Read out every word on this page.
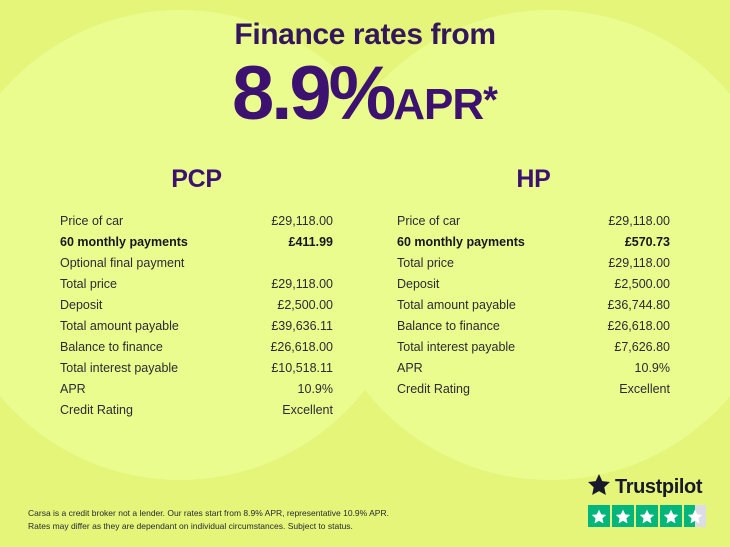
Finance rates from
8.9%APR*
PCP
Price of car	£29,118.00
60 monthly payments	£411.99
Optional final payment
Total price	£29,118.00
Deposit	£2,500.00
Total amount payable	£39,636.11
Balance to finance	£26,618.00
Total interest payable	£10,518.11
APR	10.9%
Credit Rating	Excellent
HP
Price of car	£29,118.00
60 monthly payments	£570.73
Total price	£29,118.00
Deposit	£2,500.00
Total amount payable	£36,744.80
Balance to finance	£26,618.00
Total interest payable	£7,626.80
APR	10.9%
Credit Rating	Excellent
Carsa is a credit broker not a lender. Our rates start from 8.9% APR, representative 10.9% APR.
Rates may differ as they are dependant on individual circumstances. Subject to status.
Trustpilot
